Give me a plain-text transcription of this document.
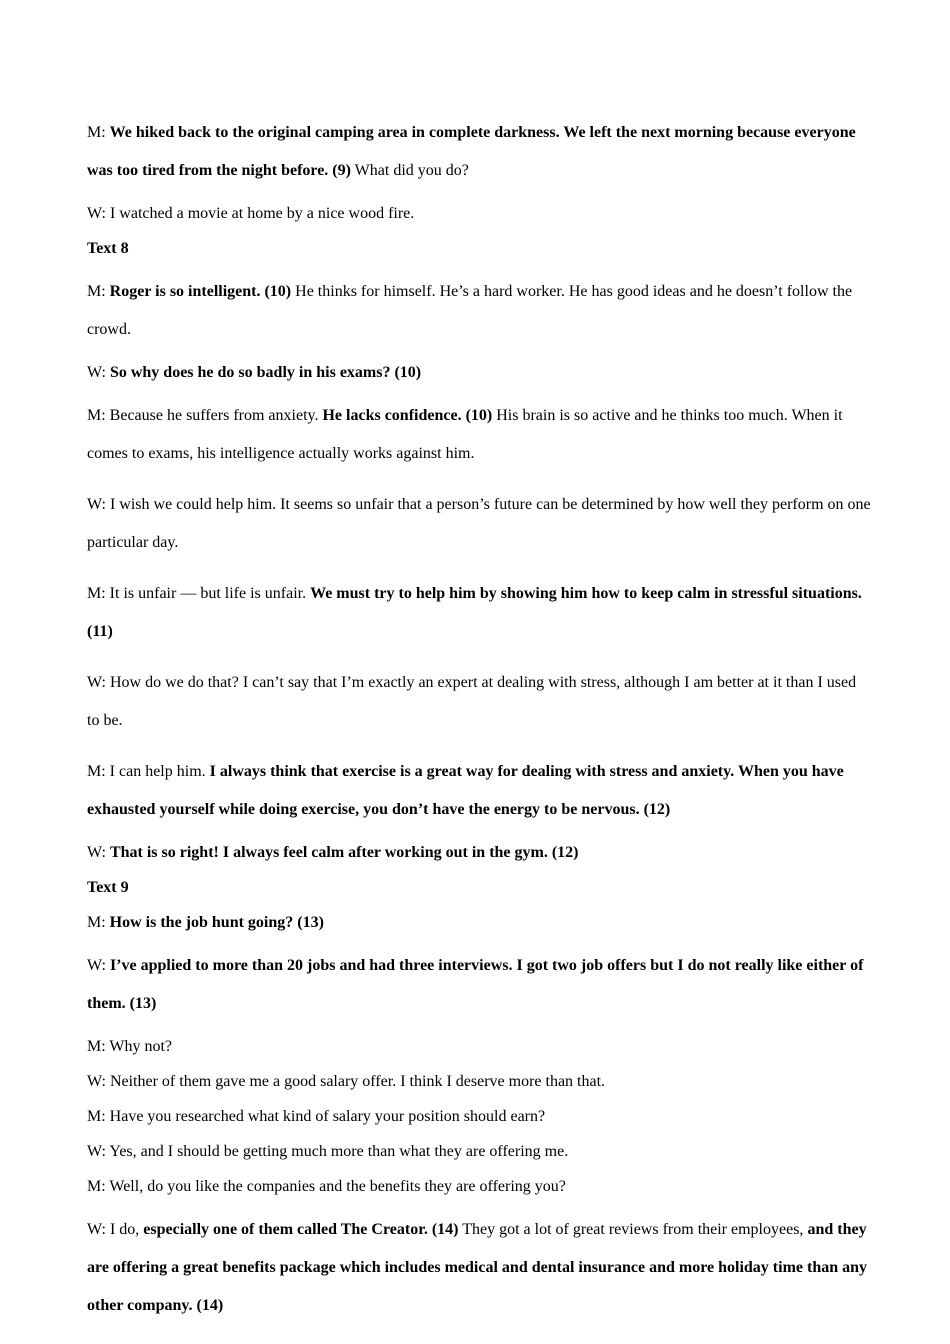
M: We hiked back to the original camping area in complete darkness. We left the next morning because everyone was too tired from the night before. (9) What did you do?

W: I watched a movie at home by a nice wood fire.

Text 8

M: Roger is so intelligent. (10) He thinks for himself. He’s a hard worker. He has good ideas and he doesn’t follow the crowd.

W: So why does he do so badly in his exams? (10)

M: Because he suffers from anxiety. He lacks confidence. (10) His brain is so active and he thinks too much. When it comes to exams, his intelligence actually works against him.

W: I wish we could help him. It seems so unfair that a person’s future can be determined by how well they perform on one particular day.

M: It is unfair — but life is unfair. We must try to help him by showing him how to keep calm in stressful situations. (11)

W: How do we do that? I can’t say that I’m exactly an expert at dealing with stress, although I am better at it than I used to be.

M: I can help him. I always think that exercise is a great way for dealing with stress and anxiety. When you have exhausted yourself while doing exercise, you don’t have the energy to be nervous. (12)

W: That is so right! I always feel calm after working out in the gym. (12)

Text 9

M: How is the job hunt going? (13)

W: I’ve applied to more than 20 jobs and had three interviews. I got two job offers but I do not really like either of them. (13)

M: Why not?

W: Neither of them gave me a good salary offer. I think I deserve more than that.

M: Have you researched what kind of salary your position should earn?

W: Yes, and I should be getting much more than what they are offering me.

M: Well, do you like the companies and the benefits they are offering you?

W: I do, especially one of them called The Creator. (14) They got a lot of great reviews from their employees, and they are offering a great benefits package which includes medical and dental insurance and more holiday time than any other company. (14)
